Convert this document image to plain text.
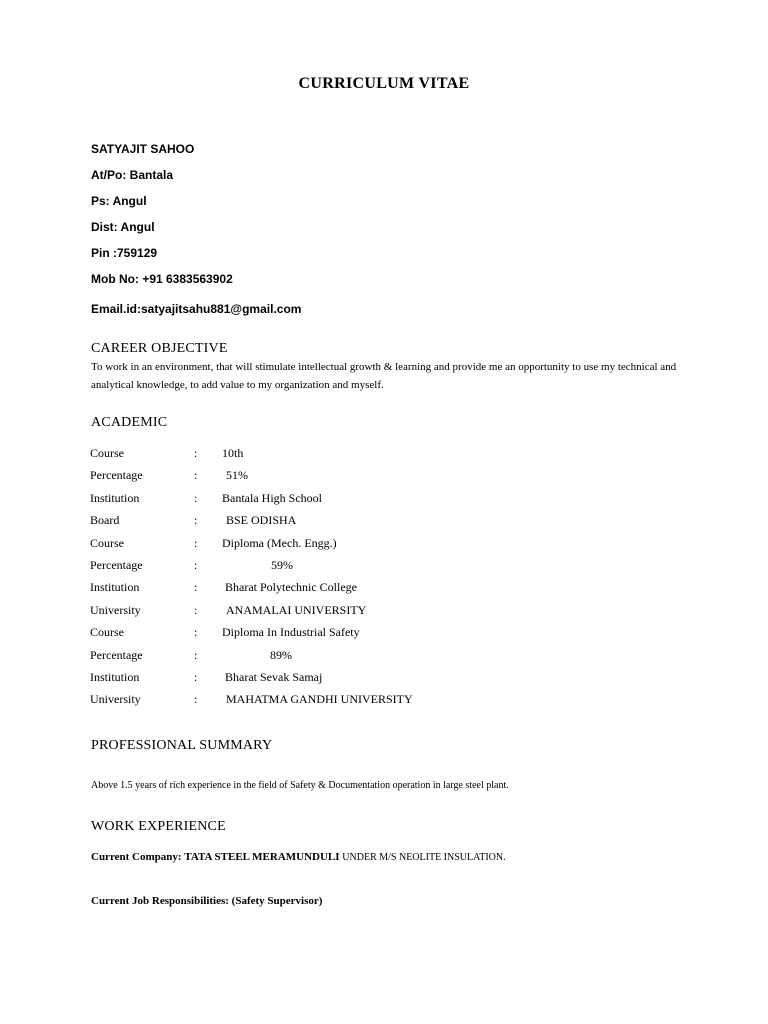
CURRICULUM VITAE
SATYAJIT SAHOO
At/Po: Bantala
Ps: Angul
Dist: Angul
Pin :759129
Mob No: +91 6383563902
Email.id:satyajitsahu881@gmail.com
CAREER OBJECTIVE
To work in an environment, that will stimulate intellectual growth & learning and provide me an opportunity to use my technical and analytical knowledge, to add value to my organization and myself.
ACADEMIC
Course	: 10th
Percentage	: 51%
Institution	: Bantala High School
Board	: BSE ODISHA
Course	: Diploma (Mech. Engg.)
Percentage	:	59%
Institution	: Bharat Polytechnic College
University	: ANAMALAI UNIVERSITY
Course	: Diploma In Industrial Safety
Percentage	:	89%
Institution	: Bharat Sevak Samaj
University	: MAHATMA GANDHI UNIVERSITY
PROFESSIONAL SUMMARY
Above 1.5 years of rich experience in the field of Safety & Documentation operation in large steel plant.
WORK EXPERIENCE
Current Company: TATA STEEL MERAMUNDULI UNDER M/S NEOLITE INSULATION.
Current Job Responsibilities: (Safety Supervisor)
